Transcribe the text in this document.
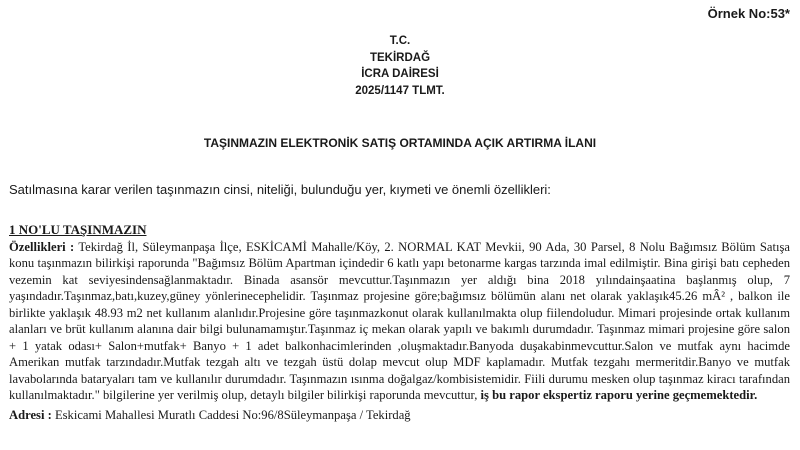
Örnek No:53*
T.C.
TEKİRDAĞ
İCRA DAİRESİ
2025/1147 TLMT.
TAŞINMAZIN ELEKTRONİK SATIŞ ORTAMINDA AÇIK ARTIRMA İLANI
Satılmasına karar verilen taşınmazın cinsi, niteliği, bulunduğu yer, kıymeti ve önemli özellikleri:
1 NO'LU TAŞINMAZIN
Özellikleri : Tekirdağ İl, Süleymanpaşa İlçe, ESKİCAMİ Mahalle/Köy, 2. NORMAL KAT Mevkii, 90 Ada, 30 Parsel, 8 Nolu Bağımsız Bölüm Satışa konu taşınmazın bilirkişi raporunda "Bağımsız Bölüm Apartman içindedir 6 katlı yapı betonarme kargas tarzında imal edilmiştir. Bina girişi batı cepheden vezemin kat seviyesindensağlanmaktadır. Binada asansör mevcuttur.Taşınmazın yer aldığı bina 2018 yılındainşaatina başlanmış olup, 7 yaşındadır.Taşınmaz,batı,kuzey,güney yönlerinecephelidir. Taşınmaz projesine göre;bağımsız bölümün alanı net olarak yaklaşık45.26 mÂ² , balkon ile birlikte yaklaşık 48.93 m2 net kullanım alanlıdır.Projesine göre taşınmazkonut olarak kullanılmakta olup fiilendoludur. Mimari projesinde ortak kullanım alanları ve brüt kullanım alanına dair bilgi bulunamamıştır.Taşınmaz iç mekan olarak yapılı ve bakımlı durumdadır. Taşınmaz mimari projesine göre salon + 1 yatak odası+ Salon+mutfak+ Banyo + 1 adet balkonhacimlerinden ,oluşmaktadır.Banyoda duşakabinmevcuttur.Salon ve mutfak aynı hacimde Amerikan mutfak tarzındadır.Mutfak tezgah altı ve tezgah üstü dolap mevcut olup MDF kaplamadır. Mutfak tezgahı mermeritdir.Banyo ve mutfak lavabolarında bataryaları tam ve kullanılır durumdadır. Taşınmazın ısınma doğalgaz/kombisistemidir. Fiili durumu mesken olup taşınmaz kiracı tarafından kullanılmaktadır." bilgilerine yer verilmiş olup, detaylı bilgiler bilirkişi raporunda mevcuttur, iş bu rapor ekspertiz raporu yerine geçmemektedir.
Adresi : Eskicami Mahallesi Muratlı Caddesi No:96/8Süleymanpaşa / Tekirdağ
